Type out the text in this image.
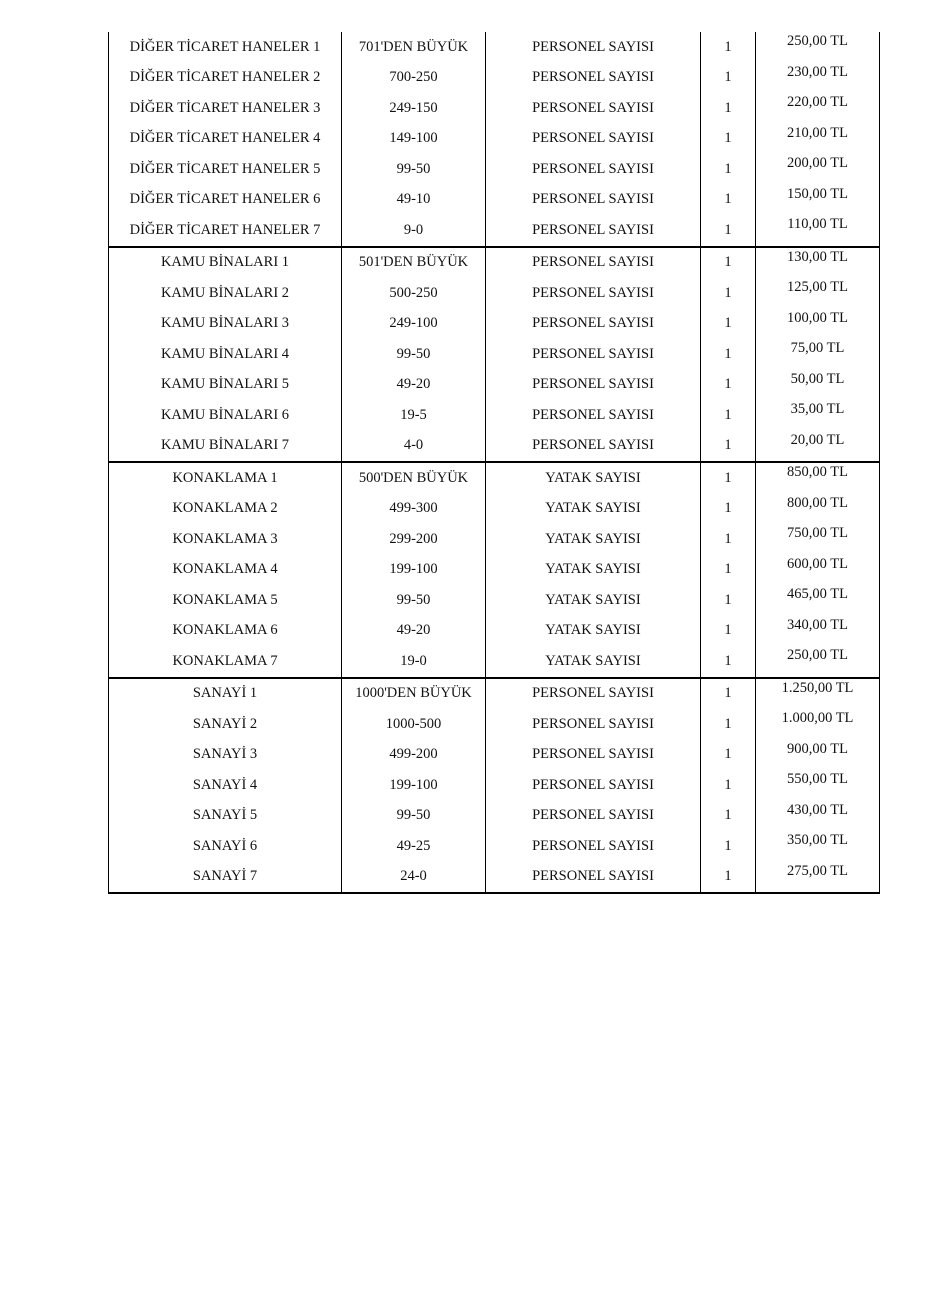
DİĞER TİCARET HANELER 1	701'DEN BÜYÜK	PERSONEL SAYISI	1	250,00 TL
DİĞER TİCARET HANELER 2	700-250	PERSONEL SAYISI	1	230,00 TL
DİĞER TİCARET HANELER 3	249-150	PERSONEL SAYISI	1	220,00 TL
DİĞER TİCARET HANELER 4	149-100	PERSONEL SAYISI	1	210,00 TL
DİĞER TİCARET HANELER 5	99-50	PERSONEL SAYISI	1	200,00 TL
DİĞER TİCARET HANELER 6	49-10	PERSONEL SAYISI	1	150,00 TL
DİĞER TİCARET HANELER 7	9-0	PERSONEL SAYISI	1	110,00 TL
KAMU BİNALARI 1	501'DEN BÜYÜK	PERSONEL SAYISI	1	130,00 TL
KAMU BİNALARI 2	500-250	PERSONEL SAYISI	1	125,00 TL
KAMU BİNALARI 3	249-100	PERSONEL SAYISI	1	100,00 TL
KAMU BİNALARI 4	99-50	PERSONEL SAYISI	1	75,00 TL
KAMU BİNALARI 5	49-20	PERSONEL SAYISI	1	50,00 TL
KAMU BİNALARI 6	19-5	PERSONEL SAYISI	1	35,00 TL
KAMU BİNALARI 7	4-0	PERSONEL SAYISI	1	20,00 TL
KONAKLAMA 1	500'DEN BÜYÜK	YATAK SAYISI	1	850,00 TL
KONAKLAMA 2	499-300	YATAK SAYISI	1	800,00 TL
KONAKLAMA 3	299-200	YATAK SAYISI	1	750,00 TL
KONAKLAMA 4	199-100	YATAK SAYISI	1	600,00 TL
KONAKLAMA 5	99-50	YATAK SAYISI	1	465,00 TL
KONAKLAMA 6	49-20	YATAK SAYISI	1	340,00 TL
KONAKLAMA 7	19-0	YATAK SAYISI	1	250,00 TL
SANAYİ 1	1000'DEN BÜYÜK	PERSONEL SAYISI	1	1.250,00 TL
SANAYİ 2	1000-500	PERSONEL SAYISI	1	1.000,00 TL
SANAYİ 3	499-200	PERSONEL SAYISI	1	900,00 TL
SANAYİ 4	199-100	PERSONEL SAYISI	1	550,00 TL
SANAYİ 5	99-50	PERSONEL SAYISI	1	430,00 TL
SANAYİ 6	49-25	PERSONEL SAYISI	1	350,00 TL
SANAYİ 7	24-0	PERSONEL SAYISI	1	275,00 TL
